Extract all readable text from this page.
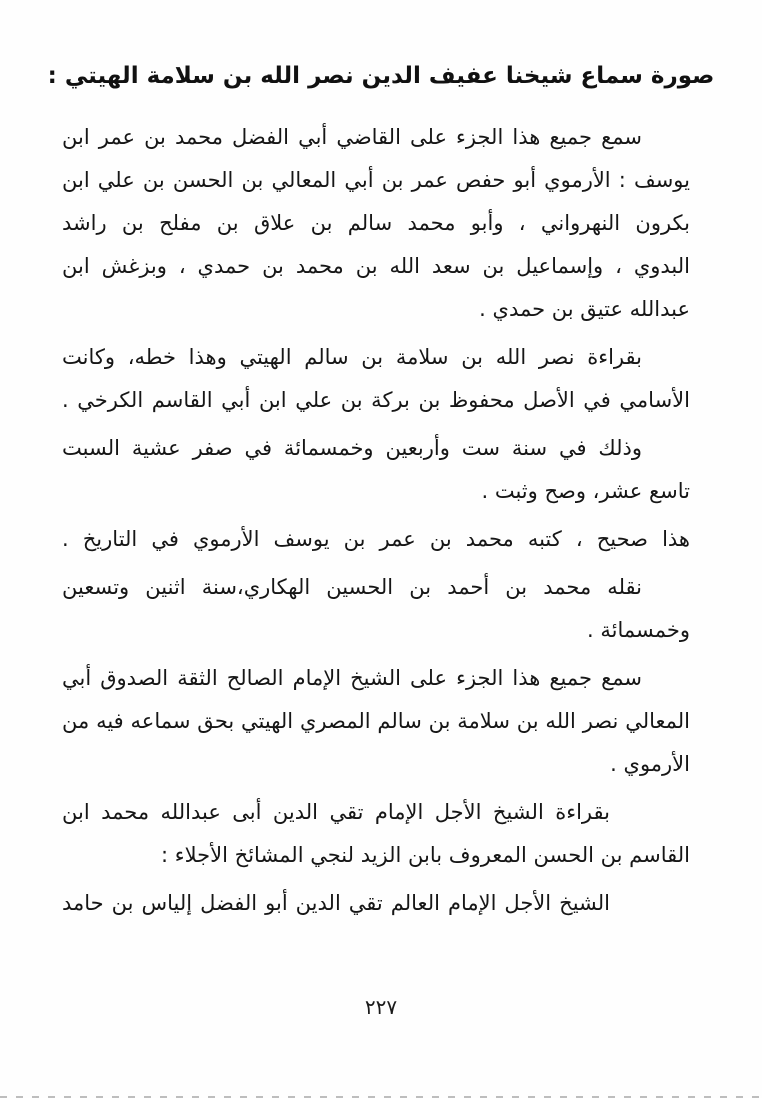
صورة سماع شيخنا عفيف الدين نصر الله بن سلامة الهيتي :

سمع جميع هذا الجزء على القاضي أبي الفضل محمد بن عمر ابن
يوسف : الأرموي أبو حفص عمر بن أبي المعالي بن الحسن بن علي ابن
بكرون النهرواني ، وأبو محمد سالم بن علاق بن مفلح بن راشد
البدوي ، وإسماعيل بن سعد الله بن محمد بن حمدي ، وبزغش ابن
عبدالله عتيق بن حمدي .

بقراءة نصر الله بن سلامة بن سالم الهيتي وهذا خطه، وكانت
الأسامي في الأصل محفوظ بن بركة بن علي ابن أبي القاسم الكرخي .

وذلك في سنة ست وأربعين وخمسمائة في صفر عشية السبت
تاسع عشر، وصح وثبت .

هذا صحيح ، كتبه محمد بن عمر بن يوسف الأرموي في التاريخ .

نقله محمد بن أحمد بن الحسين الهكاري،سنة اثنين وتسعين
وخمسمائة .

سمع جميع هذا الجزء على الشيخ الإمام الصالح الثقة الصدوق أبي
المعالي نصر الله بن سلامة بن سالم المصري الهيتي بحق سماعه فيه من
الأرموي .

بقراءة الشيخ الأجل الإمام تقي الدين أبى عبدالله محمد ابن
القاسم بن الحسن المعروف بابن الزيد لنجي المشائخ الأجلاء :

الشيخ الأجل الإمام العالم تقي الدين أبو الفضل إلياس بن حامد

٢٢٧
